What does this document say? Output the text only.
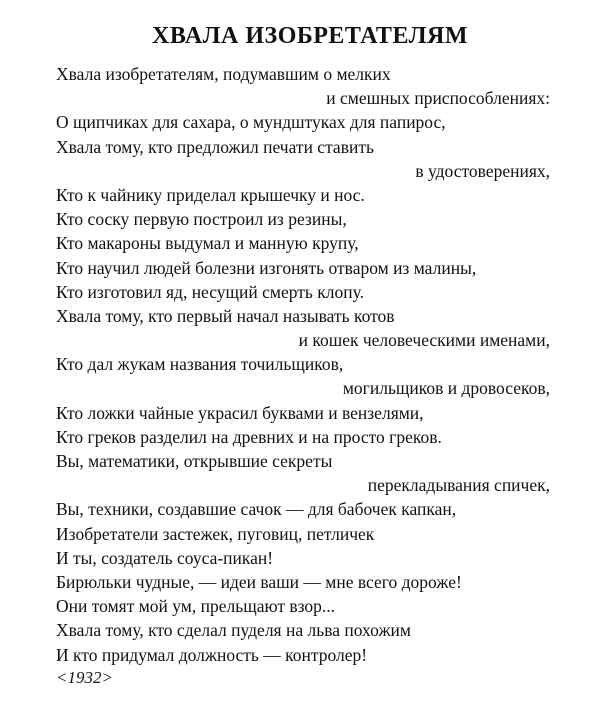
ХВАЛА ИЗОБРЕТАТЕЛЯМ
Хвала изобретателям, подумавшим о мелких
и смешных приспособлениях:
О щипчиках для сахара, о мундштуках для папирос,
Хвала тому, кто предложил печати ставить
в удостоверениях,
Кто к чайнику приделал крышечку и нос.
Кто соску первую построил из резины,
Кто макароны выдумал и манную крупу,
Кто научил людей болезни изгонять отваром из малины,
Кто изготовил яд, несущий смерть клопу.
Хвала тому, кто первый начал называть котов
и кошек человеческими именами,
Кто дал жукам названия точильщиков,
могильщиков и дровосеков,
Кто ложки чайные украсил буквами и вензелями,
Кто греков разделил на древних и на просто греков.
Вы, математики, открывшие секреты
перекладывания спичек,
Вы, техники, создавшие сачок — для бабочек капкан,
Изобретатели застежек, пуговиц, петличек
И ты, создатель соуса-пикан!
Бирюльки чудные, — идеи ваши — мне всего дороже!
Они томят мой ум, прельщают взор...
Хвала тому, кто сделал пуделя на льва похожим
И кто придумал должность — контролер!
<1932>
